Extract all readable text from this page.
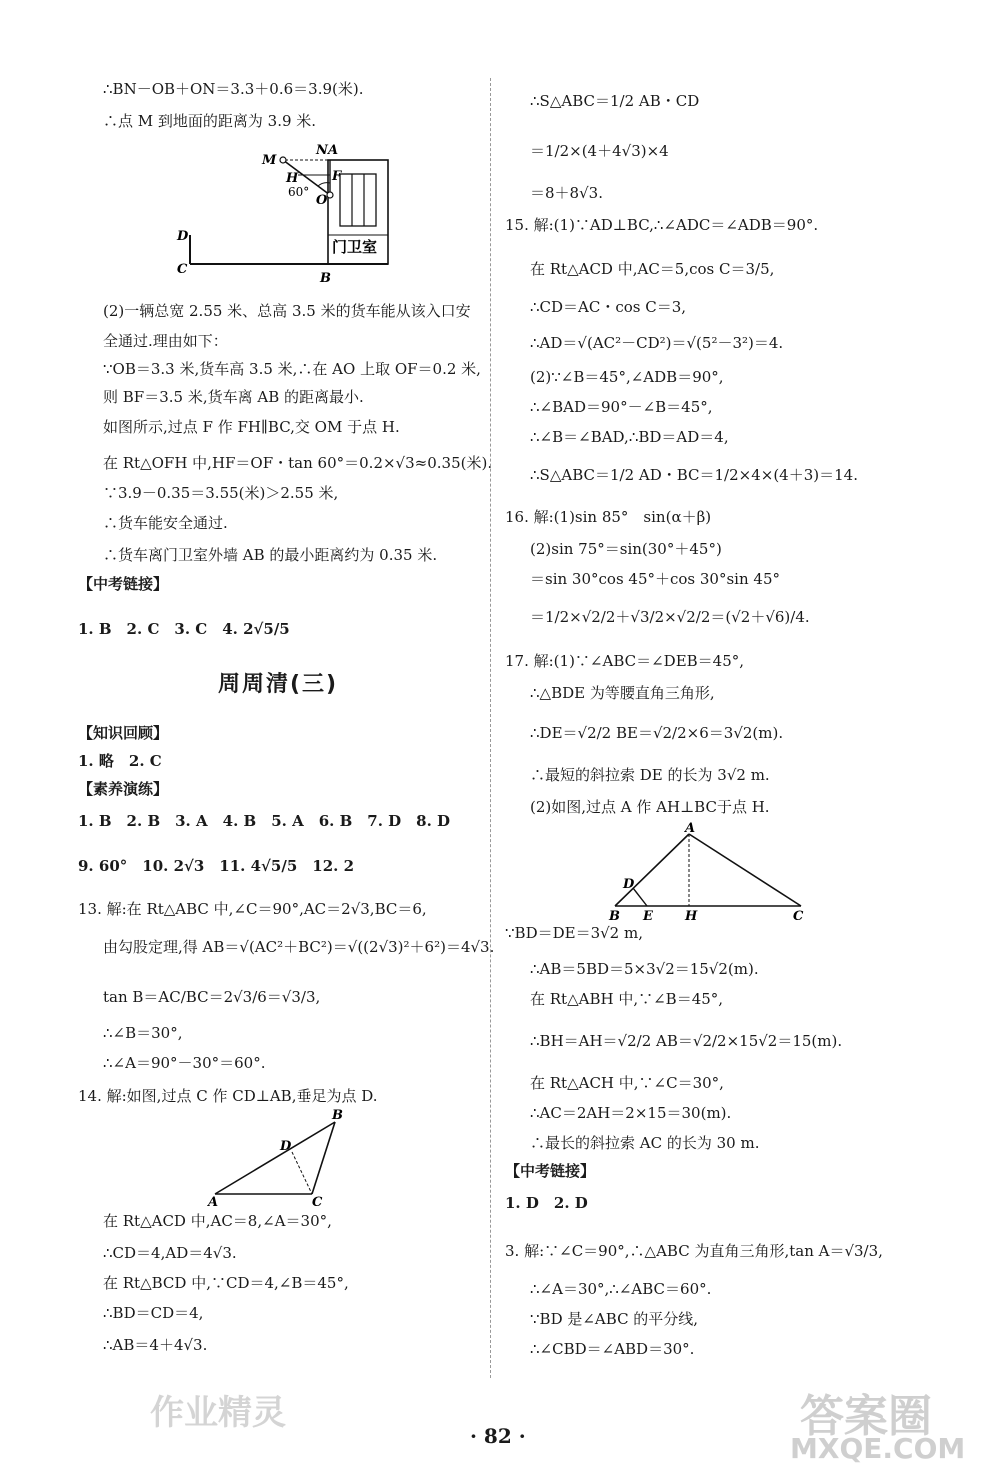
∴BN－OB＋ON＝3.3＋0.6＝3.9(米).
∴点 M 到地面的距离为 3.9 米.
M
N A
H	F
O
60°
D
C
B
门卫室
(2)一辆总宽 2.55 米、总高 3.5 米的货车能从该入口安
全通过.理由如下：
∵OB＝3.3 米,货车高 3.5 米,∴在 AO 上取 OF＝0.2 米,
则 BF＝3.5 米,货车离 AB 的距离最小.
如图所示,过点 F 作 FH∥BC,交 OM 于点 H.
在 Rt△OFH 中,HF＝OF・tan 60°＝0.2×√3≈0.35(米).
∵3.9－0.35＝3.55(米)＞2.55 米,
∴货车能安全通过.
∴货车离门卫室外墙 AB 的最小距离约为 0.35 米.
【中考链接】
1. B　2. C　3. C　4. 2√5/5
周周清(三)
【知识回顾】
1. 略　2. C
【素养演练】
1. B　2. B　3. A　4. B　5. A　6. B　7. D　8. D
9. 60°　10. 2√3　11. 4√5/5　12. 2
13. 解:在 Rt△ABC 中,∠C＝90°,AC＝2√3,BC＝6,
由勾股定理,得 AB＝√(AC²＋BC²)＝√((2√3)²＋6²)＝4√3.
tan B＝AC/BC＝2√3/6＝√3/3,
∴∠B＝30°,
∴∠A＝90°－30°＝60°.
14. 解:如图,过点 C 作 CD⊥AB,垂足为点 D.
A
B
C
D
在 Rt△ACD 中,AC＝8,∠A＝30°,
∴CD＝4,AD＝4√3.
在 Rt△BCD 中,∵CD＝4,∠B＝45°,
∴BD＝CD＝4,
∴AB＝4＋4√3.
∴S△ABC＝1/2 AB・CD
＝1/2×(4＋4√3)×4
＝8＋8√3.
15. 解:(1)∵AD⊥BC,∴∠ADC＝∠ADB＝90°.
在 Rt△ACD 中,AC＝5,cos C＝3/5,
∴CD＝AC・cos C＝3,
∴AD＝√(AC²－CD²)＝√(5²－3²)＝4.
(2)∵∠B＝45°,∠ADB＝90°,
∴∠BAD＝90°－∠B＝45°,
∴∠B＝∠BAD,∴BD＝AD＝4,
∴S△ABC＝1/2 AD・BC＝1/2×4×(4＋3)＝14.
16. 解:(1)sin 85°　sin(α＋β)
(2)sin 75°＝sin(30°＋45°)
＝sin 30°cos 45°＋cos 30°sin 45°
＝1/2×√2/2＋√3/2×√2/2＝(√2＋√6)/4.
17. 解:(1)∵∠ABC＝∠DEB＝45°,
∴△BDE 为等腰直角三角形,
∴DE＝√2/2 BE＝√2/2×6＝3√2(m).
∴最短的斜拉索 DE 的长为 3√2 m.
(2)如图,过点 A 作 AH⊥BC于点 H.
A
B	C
D
E H
∵BD＝DE＝3√2 m,
∴AB＝5BD＝5×3√2＝15√2(m).
在 Rt△ABH 中,∵∠B＝45°,
∴BH＝AH＝√2/2 AB＝√2/2×15√2＝15(m).
在 Rt△ACH 中,∵∠C＝30°,
∴AC＝2AH＝2×15＝30(m).
∴最长的斜拉索 AC 的长为 30 m.
【中考链接】
1. D　2. D
3. 解:∵∠C＝90°,∴△ABC 为直角三角形,tan A＝√3/3,
∴∠A＝30°,∴∠ABC＝60°.
∵BD 是∠ABC 的平分线,
∴∠CBD＝∠ABD＝30°.
· 82 ·
作业精灵	答案圈
MXQE.COM
